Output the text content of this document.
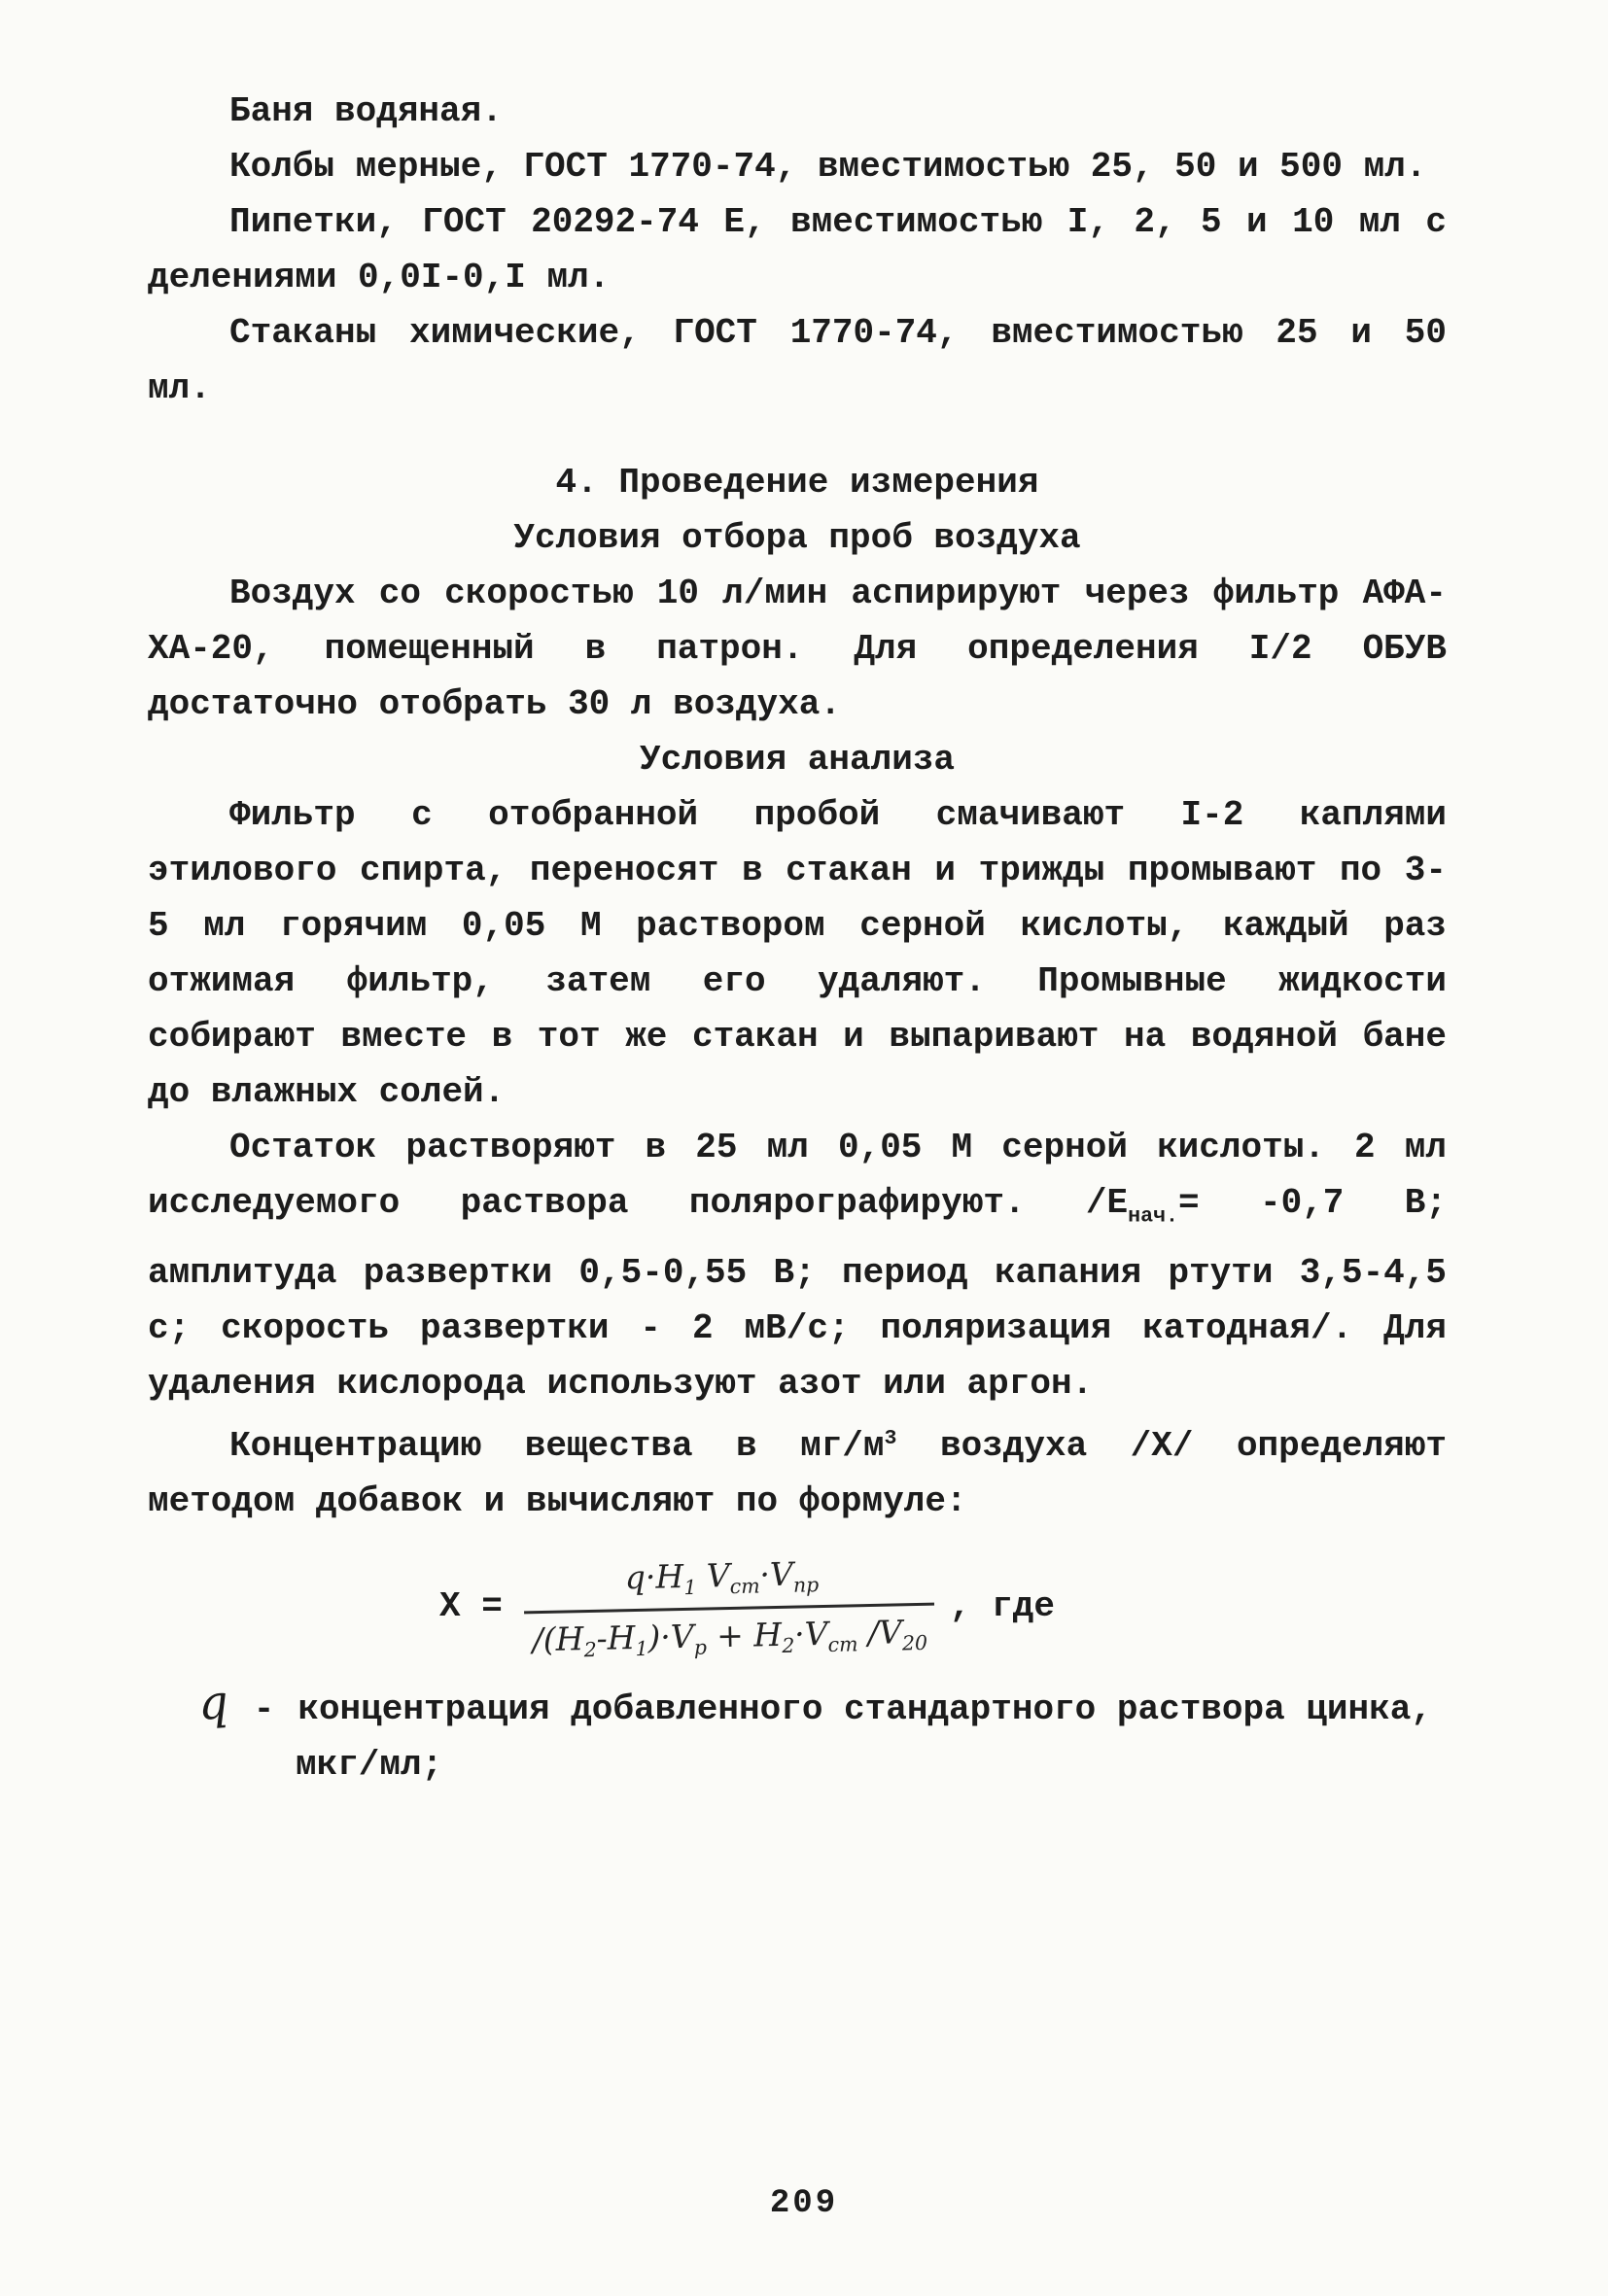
Баня водяная.

Колбы мерные, ГОСТ 1770-74, вместимостью 25, 50 и 500 мл.

Пипетки, ГОСТ 20292-74 Е, вместимостью I, 2, 5 и 10 мл с делениями 0,0I-0,I мл.

Стаканы химические, ГОСТ 1770-74, вместимостью 25 и 50 мл.

4. Проведение измерения

Условия отбора проб воздуха

Воздух со скоростью 10 л/мин аспирируют через фильтр АФА-ХА-20, помещенный в патрон. Для определения I/2 ОБУВ достаточно отобрать 30 л воздуха.

Условия анализа

Фильтр с отобранной пробой смачивают I-2 каплями этилового спирта, переносят в стакан и трижды промывают по 3-5 мл горячим 0,05 М раствором серной кислоты, каждый раз отжимая фильтр, затем его удаляют. Промывные жидкости собирают вместе в тот же стакан и выпаривают на водяной бане до влажных солей.

Остаток растворяют в 25 мл 0,05 М серной кислоты. 2 мл исследуемого раствора полярографируют. $/Е_{нач.}= -0,7$ В; амплитуда развертки 0,5-0,55 В; период капания ртути 3,5-4,5 с; скорость развертки - 2 мВ/с; поляризация катодная/. Для удаления кислорода используют азот или аргон.

Концентрацию вещества в $мг/м^3$ воздуха /X/ определяют методом добавок и вычисляют по формуле:

$X = \frac{q\cdot H_1 V_{ст}\cdot V_{пр}}{/(H_2-H_1)\cdot V_р + H_2\cdot V_{ст} /V_{20}}$ , где
q - концентрация добавленного стандартного раствора цинка,
мкг/мл;
209
